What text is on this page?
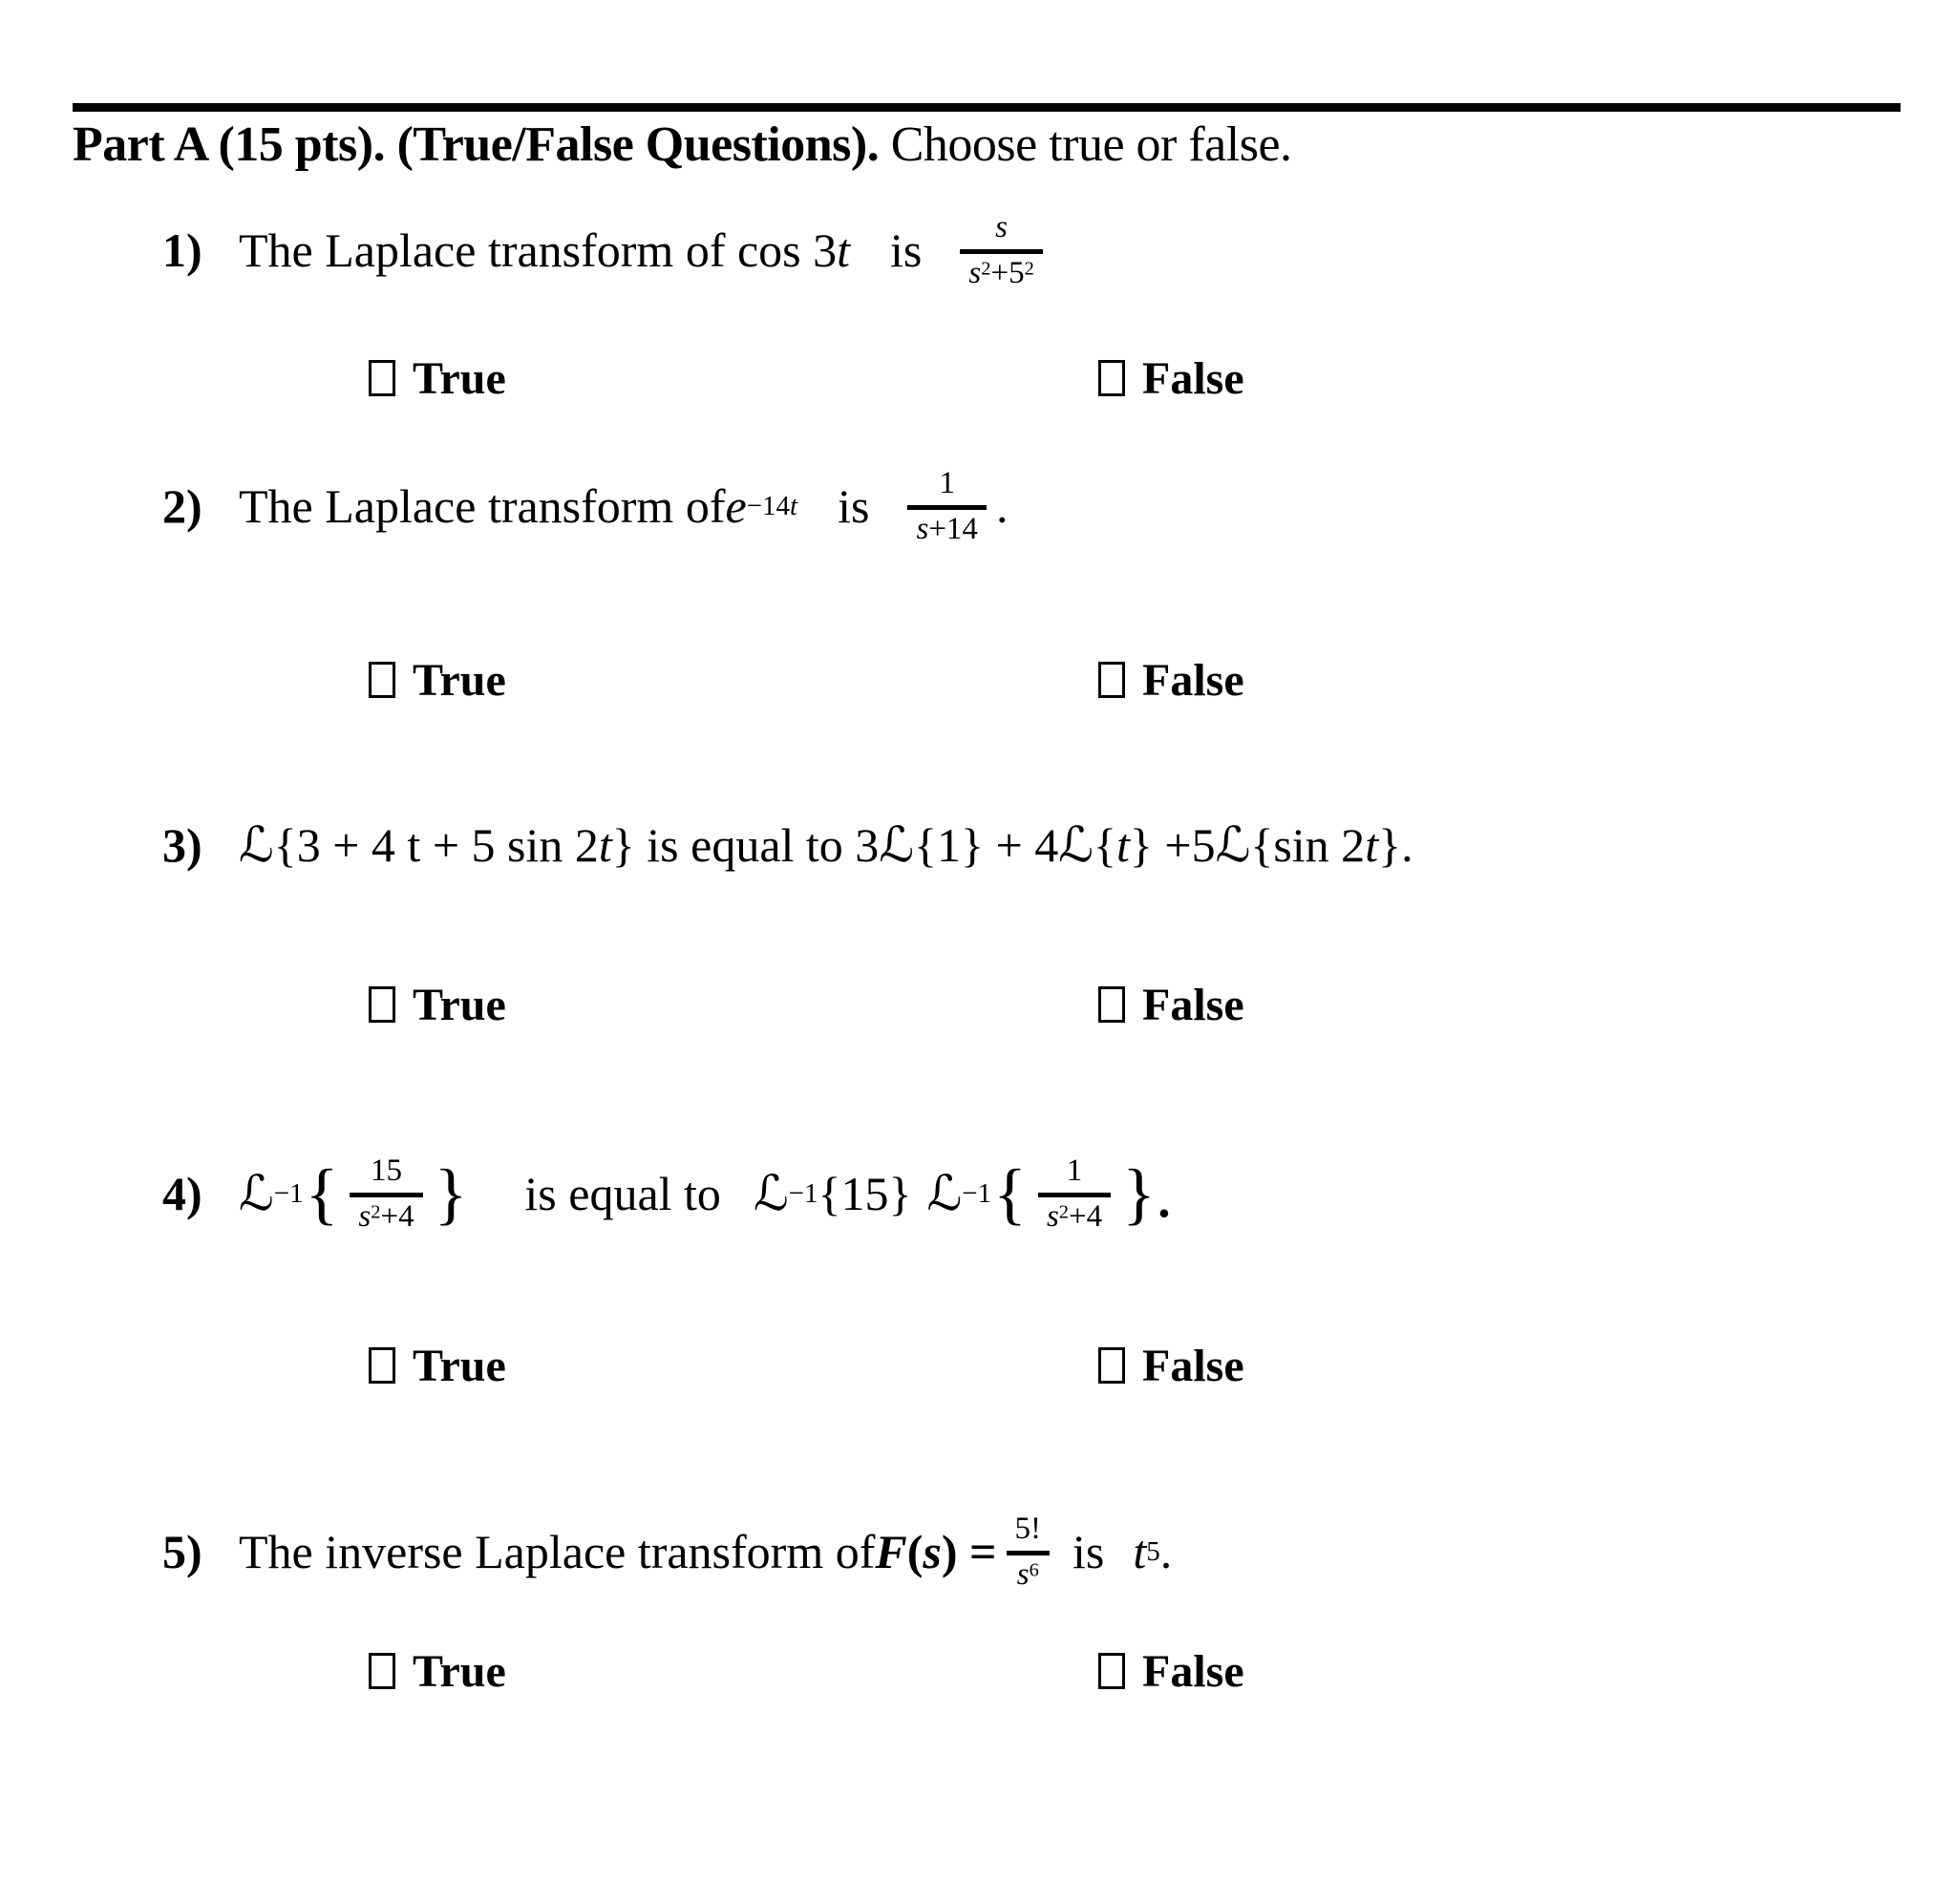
Part A (15 pts). (True/False Questions). Choose true or false.
1) The Laplace transform of cos 3 t is	s
$s^2+5^2$
True	False
2) The Laplace transform of e −14t is	1
s+14 .
True	False
3) ℒ {3 + 4 t + 5 sin 2 t } is equal to 3 ℒ {1} + 4 ℒ { t } +5 ℒ {sin 2 t }.
True	False
4) ℒ −1 {	15
$s^2+4$ } is equal to ℒ −1 {15} ℒ −1 {	1
$s^2+4$ }.
True	False
5) The inverse Laplace transform of F ( s ) = 5!
$s^6$ is t 5 .
True	False
